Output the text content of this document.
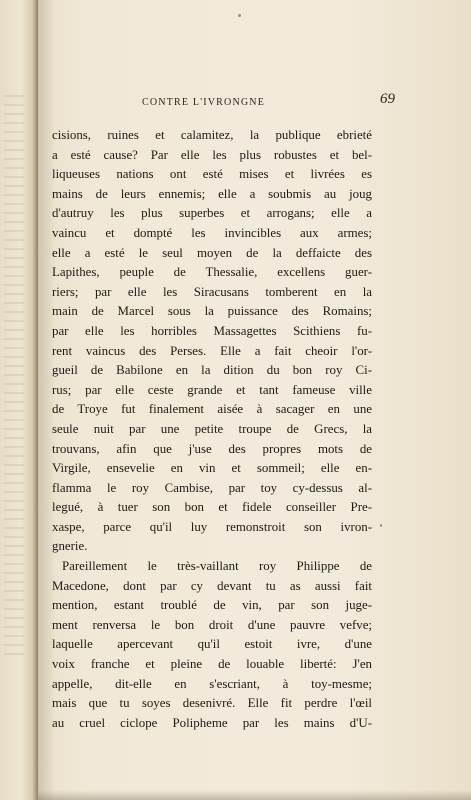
CONTRE L'IVRONGNE	69
cisions, ruines et calamitez, la publique ebrieté
a esté cause? Par elle les plus robustes et bel-
liqueuses nations ont esté mises et livrées es
mains de leurs ennemis; elle a soubmis au joug
d'autruy les plus superbes et arrogans; elle a
vaincu et dompté les invincibles aux armes;
elle a esté le seul moyen de la deffaicte des
Lapithes, peuple de Thessalie, excellens guer-
riers; par elle les Siracusans tomberent en la
main de Marcel sous la puissance des Romains;
par elle les horribles Massagettes Scithiens fu-
rent vaincus des Perses. Elle a fait cheoir l'or-
gueil de Babilone en la dition du bon roy Ci-
rus; par elle ceste grande et tant fameuse ville
de Troye fut finalement aisée à sacager en une
seule nuit par une petite troupe de Grecs, la
trouvans, afin que j'use des propres mots de
Virgile, ensevelie en vin et sommeil; elle en-
flamma le roy Cambise, par toy cy-dessus al-
legué, à tuer son bon et fidele conseiller Pre-
xaspe, parce qu'il luy remonstroit son ivron-
gnerie.
Pareillement le très-vaillant roy Philippe de
Macedone, dont par cy devant tu as aussi fait
mention, estant troublé de vin, par son juge-
ment renversa le bon droit d'une pauvre vefve;
laquelle apercevant qu'il estoit ivre, d'une
voix franche et pleine de louable liberté: J'en
appelle, dit-elle en s'escriant, à toy-mesme;
mais que tu soyes desenivré. Elle fit perdre l'œil
au cruel ciclope Polipheme par les mains d'U-
